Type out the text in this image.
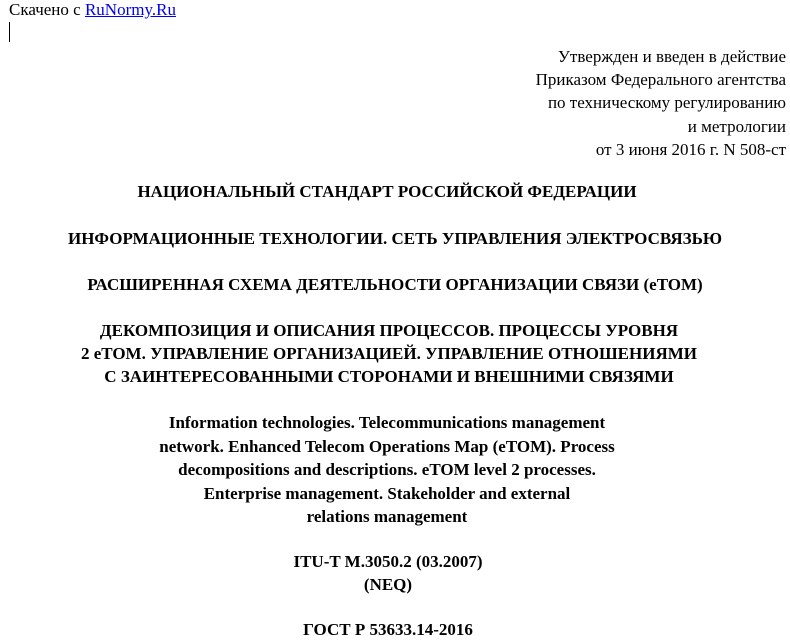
Скачено с RuNormy.Ru
Утвержден и введен в действие
Приказом Федерального агентства
по техническому регулированию
и метрологии
от 3 июня 2016 г. N 508-ст
НАЦИОНАЛЬНЫЙ СТАНДАРТ РОССИЙСКОЙ ФЕДЕРАЦИИ
ИНФОРМАЦИОННЫЕ ТЕХНОЛОГИИ. СЕТЬ УПРАВЛЕНИЯ ЭЛЕКТРОСВЯЗЬЮ
РАСШИРЕННАЯ СХЕМА ДЕЯТЕЛЬНОСТИ ОРГАНИЗАЦИИ СВЯЗИ (eTOM)
ДЕКОМПОЗИЦИЯ И ОПИСАНИЯ ПРОЦЕССОВ. ПРОЦЕССЫ УРОВНЯ
2 eTOM. УПРАВЛЕНИЕ ОРГАНИЗАЦИЕЙ. УПРАВЛЕНИЕ ОТНОШЕНИЯМИ
С ЗАИНТЕРЕСОВАННЫМИ СТОРОНАМИ И ВНЕШНИМИ СВЯЗЯМИ
Information technologies. Telecommunications management
network. Enhanced Telecom Operations Map (eTOM). Process
decompositions and descriptions. eTOM level 2 processes.
Enterprise management. Stakeholder and external
relations management
ITU-T M.3050.2 (03.2007)
(NEQ)
ГОСТ Р 53633.14-2016
